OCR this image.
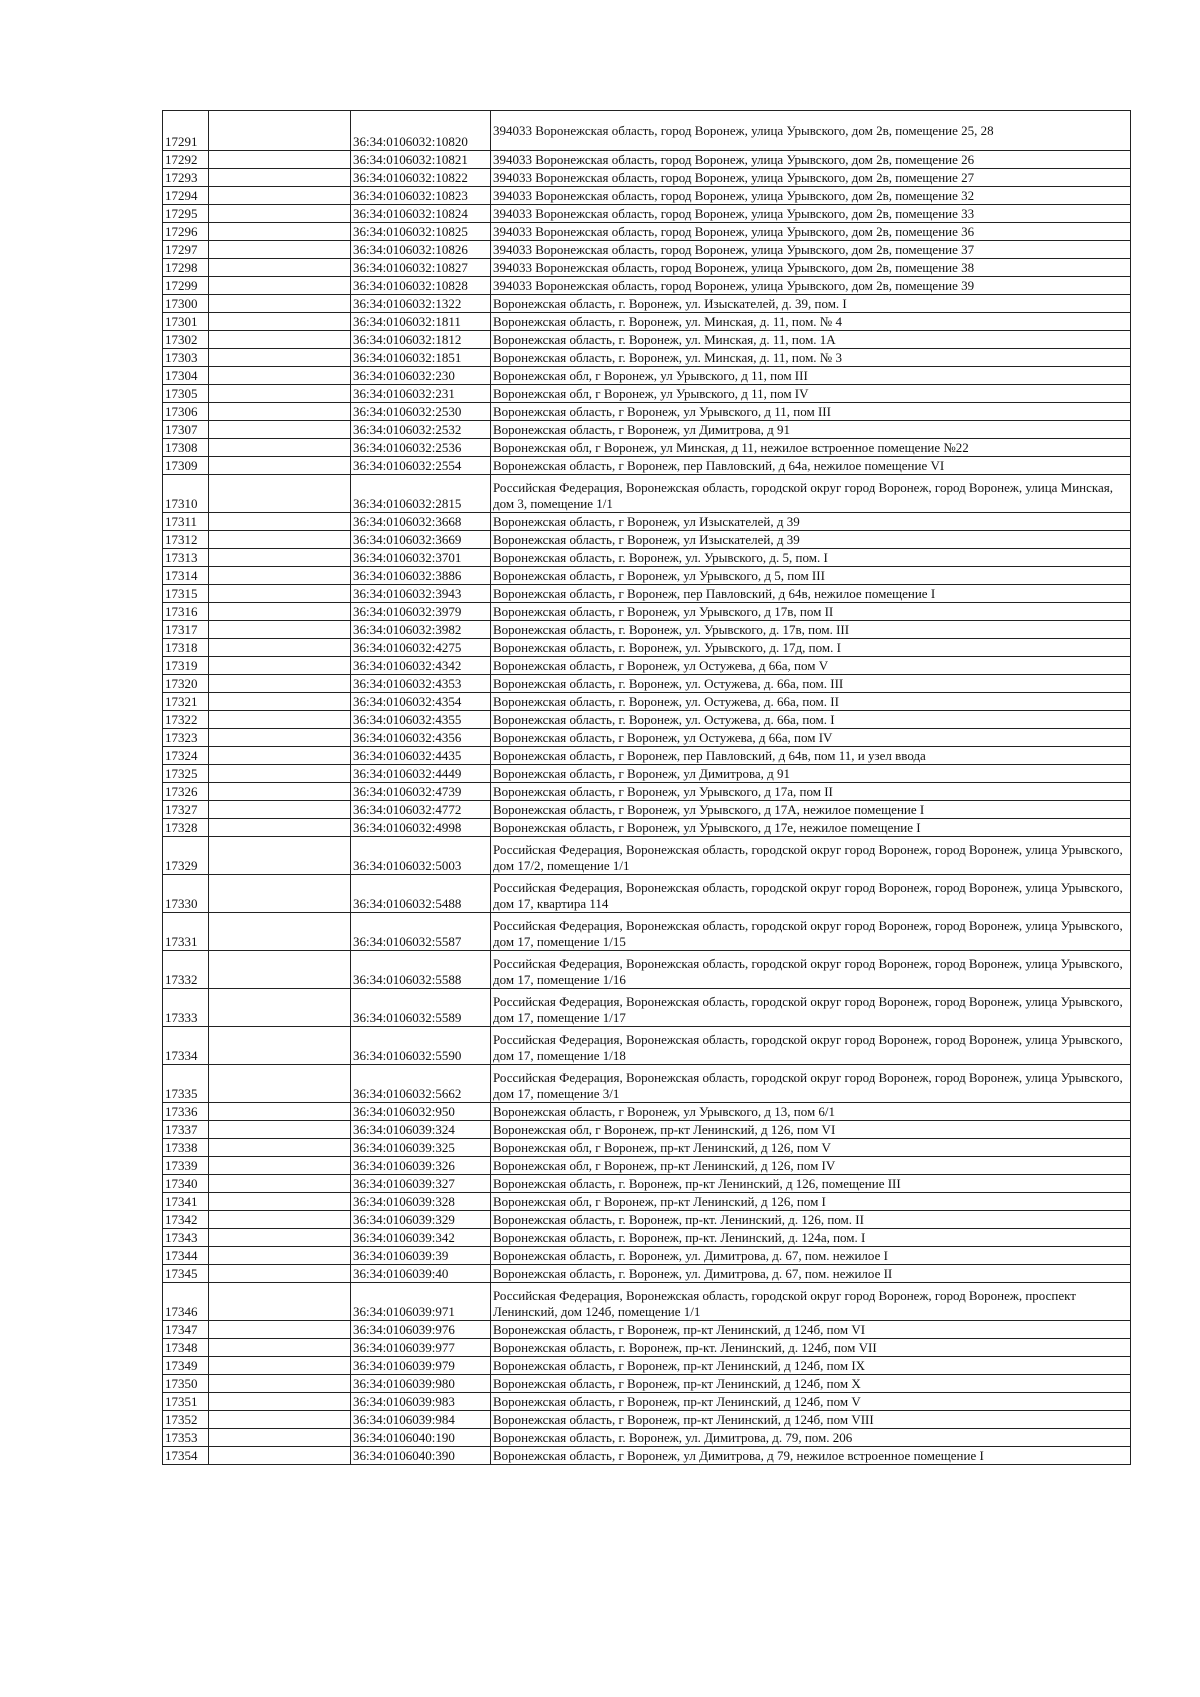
17291		36:34:0106032:10820	394033 Воронежская область, город Воронеж, улица Урывского, дом 2в, помещение 25, 28
17292		36:34:0106032:10821	394033 Воронежская область, город Воронеж, улица Урывского, дом 2в, помещение 26
17293		36:34:0106032:10822	394033 Воронежская область, город Воронеж, улица Урывского, дом 2в, помещение 27
17294		36:34:0106032:10823	394033 Воронежская область, город Воронеж, улица Урывского, дом 2в, помещение 32
17295		36:34:0106032:10824	394033 Воронежская область, город Воронеж, улица Урывского, дом 2в, помещение 33
17296		36:34:0106032:10825	394033 Воронежская область, город Воронеж, улица Урывского, дом 2в, помещение 36
17297		36:34:0106032:10826	394033 Воронежская область, город Воронеж, улица Урывского, дом 2в, помещение 37
17298		36:34:0106032:10827	394033 Воронежская область, город Воронеж, улица Урывского, дом 2в, помещение 38
17299		36:34:0106032:10828	394033 Воронежская область, город Воронеж, улица Урывского, дом 2в, помещение 39
17300		36:34:0106032:1322	Воронежская область, г. Воронеж, ул. Изыскателей, д. 39, пом. I
17301		36:34:0106032:1811	Воронежская область, г. Воронеж, ул. Минская, д. 11, пом. № 4
17302		36:34:0106032:1812	Воронежская область, г. Воронеж, ул. Минская, д. 11, пом. 1А
17303		36:34:0106032:1851	Воронежская область, г. Воронеж, ул. Минская, д. 11, пом. № 3
17304		36:34:0106032:230	Воронежская обл, г Воронеж, ул Урывского, д 11, пом III
17305		36:34:0106032:231	Воронежская обл, г Воронеж, ул Урывского, д 11, пом IV
17306		36:34:0106032:2530	Воронежская область, г Воронеж, ул Урывского, д 11, пом III
17307		36:34:0106032:2532	Воронежская область, г Воронеж, ул Димитрова, д 91
17308		36:34:0106032:2536	Воронежская обл, г Воронеж, ул Минская, д 11, нежилое встроенное помещение №22
17309		36:34:0106032:2554	Воронежская область, г Воронеж, пер Павловский, д 64а, нежилое помещение VI
17310		36:34:0106032:2815	Российская Федерация, Воронежская область, городской округ город Воронеж, город Воронеж, улица Минская, дом 3, помещение 1/1
17311		36:34:0106032:3668	Воронежская область, г Воронеж, ул Изыскателей, д 39
17312		36:34:0106032:3669	Воронежская область, г Воронеж, ул Изыскателей, д 39
17313		36:34:0106032:3701	Воронежская область, г. Воронеж, ул. Урывского, д. 5, пом. I
17314		36:34:0106032:3886	Воронежская область, г Воронеж, ул Урывского, д 5, пом III
17315		36:34:0106032:3943	Воронежская область, г Воронеж, пер Павловский, д 64в, нежилое помещение I
17316		36:34:0106032:3979	Воронежская область, г Воронеж, ул Урывского, д 17в, пом II
17317		36:34:0106032:3982	Воронежская область, г. Воронеж, ул. Урывского, д. 17в, пом. III
17318		36:34:0106032:4275	Воронежская область, г. Воронеж, ул. Урывского, д. 17д, пом. I
17319		36:34:0106032:4342	Воронежская область, г Воронеж, ул Остужева, д 66а, пом V
17320		36:34:0106032:4353	Воронежская область, г. Воронеж, ул. Остужева, д. 66а, пом. III
17321		36:34:0106032:4354	Воронежская область, г. Воронеж, ул. Остужева, д. 66а, пом. II
17322		36:34:0106032:4355	Воронежская область, г. Воронеж, ул. Остужева, д. 66а, пом. I
17323		36:34:0106032:4356	Воронежская область, г Воронеж, ул Остужева, д 66а, пом IV
17324		36:34:0106032:4435	Воронежская область, г Воронеж, пер Павловский, д 64в, пом 11, и узел ввода
17325		36:34:0106032:4449	Воронежская область, г Воронеж, ул Димитрова, д 91
17326		36:34:0106032:4739	Воронежская область, г Воронеж, ул Урывского, д 17а, пом II
17327		36:34:0106032:4772	Воронежская область, г Воронеж, ул Урывского, д 17А, нежилое помещение I
17328		36:34:0106032:4998	Воронежская область, г Воронеж, ул Урывского, д 17е, нежилое помещение I
17329		36:34:0106032:5003	Российская Федерация, Воронежская область, городской округ город Воронеж, город Воронеж, улица Урывского, дом 17/2, помещение 1/1
17330		36:34:0106032:5488	Российская Федерация, Воронежская область, городской округ город Воронеж, город Воронеж, улица Урывского, дом 17, квартира 114
17331		36:34:0106032:5587	Российская Федерация, Воронежская область, городской округ город Воронеж, город Воронеж, улица Урывского, дом 17, помещение 1/15
17332		36:34:0106032:5588	Российская Федерация, Воронежская область, городской округ город Воронеж, город Воронеж, улица Урывского, дом 17, помещение 1/16
17333		36:34:0106032:5589	Российская Федерация, Воронежская область, городской округ город Воронеж, город Воронеж, улица Урывского, дом 17, помещение 1/17
17334		36:34:0106032:5590	Российская Федерация, Воронежская область, городской округ город Воронеж, город Воронеж, улица Урывского, дом 17, помещение 1/18
17335		36:34:0106032:5662	Российская Федерация, Воронежская область, городской округ город Воронеж, город Воронеж, улица Урывского, дом 17, помещение 3/1
17336		36:34:0106032:950	Воронежская область, г Воронеж, ул Урывского, д 13, пом 6/1
17337		36:34:0106039:324	Воронежская обл, г Воронеж, пр-кт Ленинский, д 126, пом VI
17338		36:34:0106039:325	Воронежская обл, г Воронеж, пр-кт Ленинский, д 126, пом V
17339		36:34:0106039:326	Воронежская обл, г Воронеж, пр-кт Ленинский, д 126, пом IV
17340		36:34:0106039:327	Воронежская область, г. Воронеж, пр-кт Ленинский, д 126, помещение III
17341		36:34:0106039:328	Воронежская обл, г Воронеж, пр-кт Ленинский, д 126, пом I
17342		36:34:0106039:329	Воронежская область, г. Воронеж, пр-кт. Ленинский, д. 126, пом. II
17343		36:34:0106039:342	Воронежская область, г. Воронеж, пр-кт. Ленинский, д. 124а, пом. I
17344		36:34:0106039:39	Воронежская область, г. Воронеж, ул. Димитрова, д. 67, пом. нежилое I
17345		36:34:0106039:40	Воронежская область, г. Воронеж, ул. Димитрова, д. 67, пом. нежилое II
17346		36:34:0106039:971	Российская Федерация, Воронежская область, городской округ город Воронеж, город Воронеж, проспект Ленинский, дом 124б, помещение 1/1
17347		36:34:0106039:976	Воронежская область, г Воронеж, пр-кт Ленинский, д 124б, пом VI
17348		36:34:0106039:977	Воронежская область, г. Воронеж, пр-кт. Ленинский, д. 124б, пом VII
17349		36:34:0106039:979	Воронежская область, г Воронеж, пр-кт Ленинский, д 124б, пом IX
17350		36:34:0106039:980	Воронежская область, г Воронеж, пр-кт Ленинский, д 124б, пом X
17351		36:34:0106039:983	Воронежская область, г Воронеж, пр-кт Ленинский, д 124б, пом V
17352		36:34:0106039:984	Воронежская область, г Воронеж, пр-кт Ленинский, д 124б, пом VIII
17353		36:34:0106040:190	Воронежская область, г. Воронеж, ул. Димитрова, д. 79, пом. 206
17354		36:34:0106040:390	Воронежская область, г Воронеж, ул Димитрова, д 79, нежилое встроенное помещение I
